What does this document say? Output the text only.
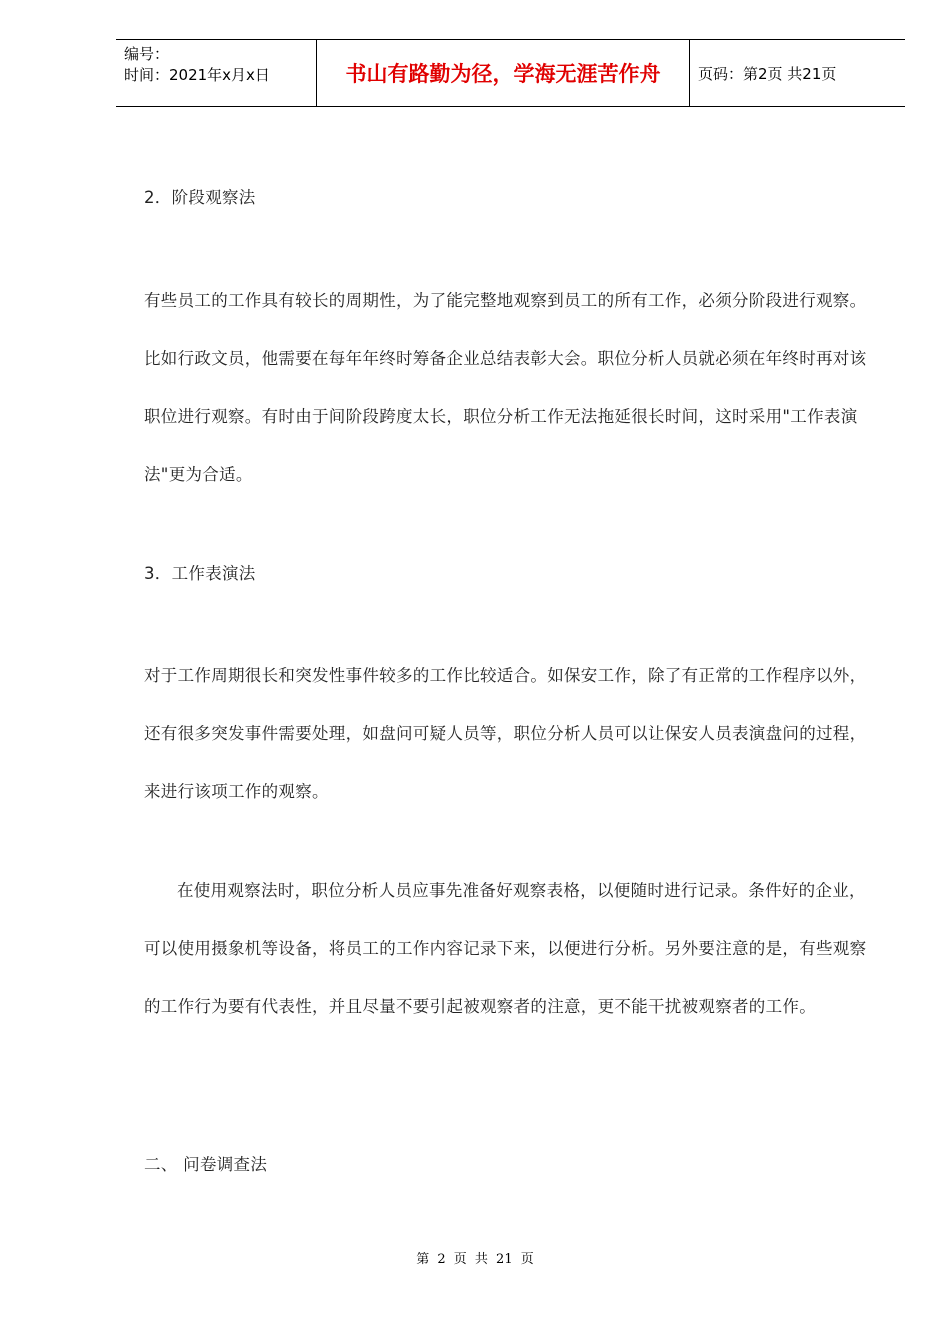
编号：
时间：2021年x月x日	书山有路勤为径，学海无涯苦作舟	页码：第2页 共21页
2．阶段观察法

有些员工的工作具有较长的周期性，为了能完整地观察到员工的所有工作，必须分阶段进行观察。比如行政文员，他需要在每年年终时筹备企业总结表彰大会。职位分析人员就必须在年终时再对该职位进行观察。有时由于间阶段跨度太长，职位分析工作无法拖延很长时间，这时采用"工作表演法"更为合适。

3．工作表演法

对于工作周期很长和突发性事件较多的工作比较适合。如保安工作，除了有正常的工作程序以外，还有很多突发事件需要处理，如盘问可疑人员等，职位分析人员可以让保安人员表演盘问的过程，来进行该项工作的观察。

在使用观察法时，职位分析人员应事先准备好观察表格，以便随时进行记录。条件好的企业，可以使用摄象机等设备，将员工的工作内容记录下来，以便进行分析。另外要注意的是，有些观察的工作行为要有代表性，并且尽量不要引起被观察者的注意，更不能干扰被观察者的工作。

二、 问卷调查法
第 2 页 共 21 页
